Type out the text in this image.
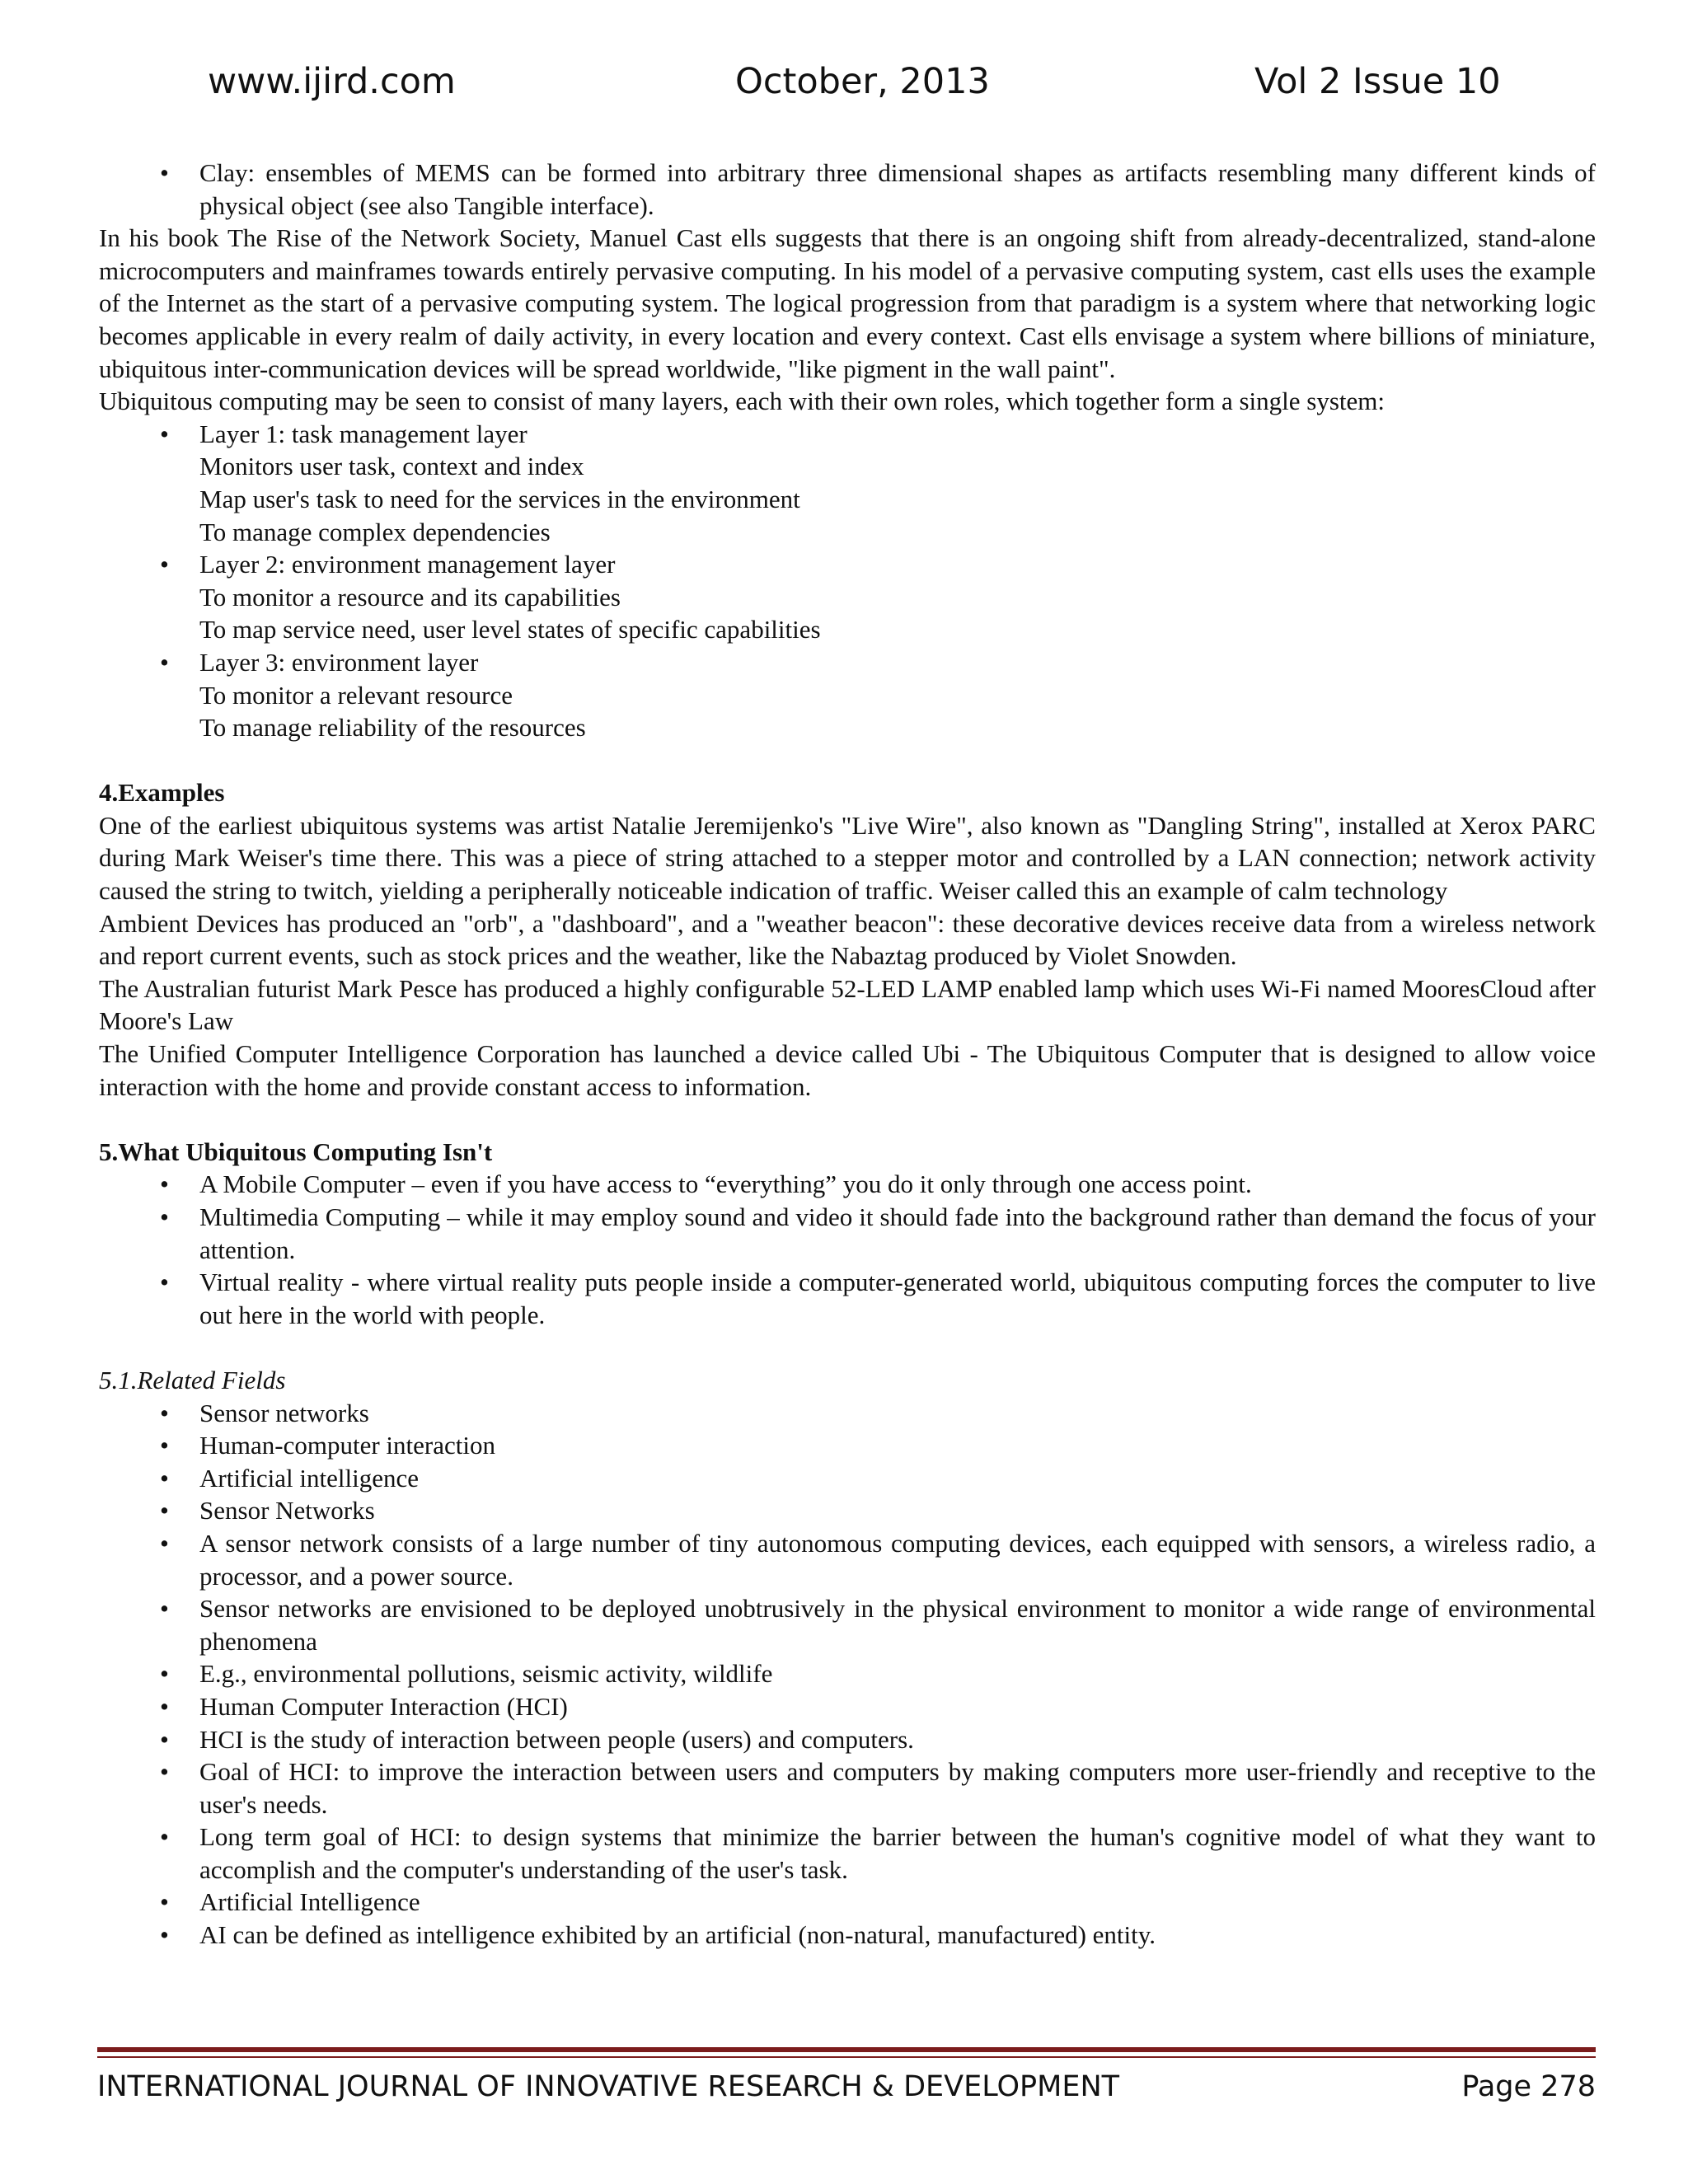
www.ijird.com	October, 2013	Vol 2 Issue 10
• Clay: ensembles of MEMS can be formed into arbitrary three dimensional shapes as artifacts resembling many different kinds of physical object (see also Tangible interface).

In his book The Rise of the Network Society, Manuel Cast ells suggests that there is an ongoing shift from already-decentralized, stand-alone microcomputers and mainframes towards entirely pervasive computing. In his model of a pervasive computing system, cast ells uses the example of the Internet as the start of a pervasive computing system. The logical progression from that paradigm is a system where that networking logic becomes applicable in every realm of daily activity, in every location and every context. Cast ells envisage a system where billions of miniature, ubiquitous inter-communication devices will be spread worldwide, "like pigment in the wall paint".

Ubiquitous computing may be seen to consist of many layers, each with their own roles, which together form a single system:

• Layer 1: task management layer
Monitors user task, context and index
Map user's task to need for the services in the environment
To manage complex dependencies
• Layer 2: environment management layer
To monitor a resource and its capabilities
To map service need, user level states of specific capabilities
• Layer 3: environment layer
To monitor a relevant resource
To manage reliability of the resources
4.Examples

One of the earliest ubiquitous systems was artist Natalie Jeremijenko's "Live Wire", also known as "Dangling String", installed at Xerox PARC during Mark Weiser's time there. This was a piece of string attached to a stepper motor and controlled by a LAN connection; network activity caused the string to twitch, yielding a peripherally noticeable indication of traffic. Weiser called this an example of calm technology

Ambient Devices has produced an "orb", a "dashboard", and a "weather beacon": these decorative devices receive data from a wireless network and report current events, such as stock prices and the weather, like the Nabaztag produced by Violet Snowden.

The Australian futurist Mark Pesce has produced a highly configurable 52-LED LAMP enabled lamp which uses Wi-Fi named MooresCloud after Moore's Law

The Unified Computer Intelligence Corporation has launched a device called Ubi - The Ubiquitous Computer that is designed to allow voice interaction with the home and provide constant access to information.

5.What Ubiquitous Computing Isn't
• A Mobile Computer – even if you have access to “everything” you do it only through one access point.
• Multimedia Computing – while it may employ sound and video it should fade into the background rather than demand the focus of your attention.
• Virtual reality - where virtual reality puts people inside a computer-generated world, ubiquitous computing forces the computer to live out here in the world with people.
5.1.Related Fields
• Sensor networks
• Human-computer interaction
• Artificial intelligence
• Sensor Networks
• A sensor network consists of a large number of tiny autonomous computing devices, each equipped with sensors, a wireless radio, a processor, and a power source.
• Sensor networks are envisioned to be deployed unobtrusively in the physical environment to monitor a wide range of environmental phenomena
• E.g., environmental pollutions, seismic activity, wildlife
• Human Computer Interaction (HCI)
• HCI is the study of interaction between people (users) and computers.
• Goal of HCI: to improve the interaction between users and computers by making computers more user-friendly and receptive to the user's needs.
• Long term goal of HCI: to design systems that minimize the barrier between the human's cognitive model of what they want to accomplish and the computer's understanding of the user's task.
• Artificial Intelligence
• AI can be defined as intelligence exhibited by an artificial (non-natural, manufactured) entity.
INTERNATIONAL JOURNAL OF INNOVATIVE RESEARCH & DEVELOPMENT	Page 278
